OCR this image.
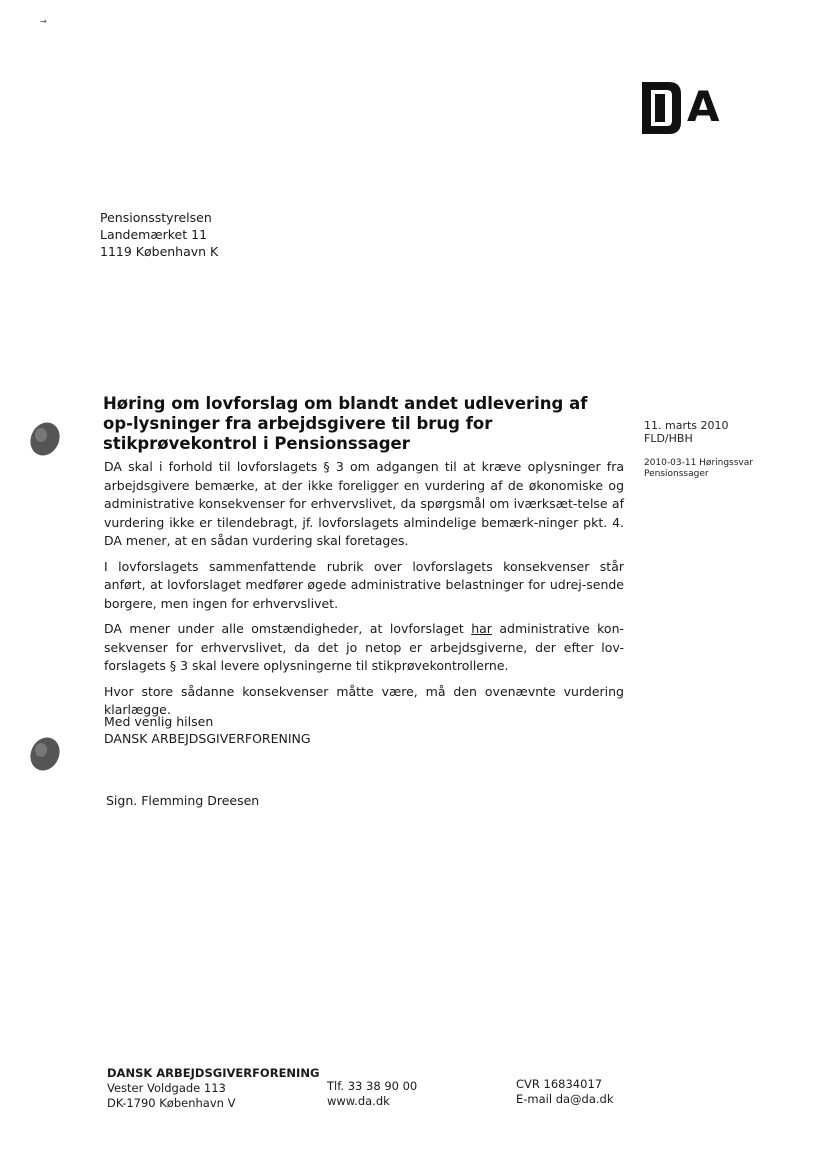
→
A
Pensionsstyrelsen
Landemærket 11
1119 København K
Høring om lovforslag om blandt andet udlevering af op-lysninger fra arbejdsgivere til brug for stikprøvekontrol i Pensionssager
11. marts 2010
FLD/HBH
2010-03-11 Høringssvar
Pensionssager

DA skal i forhold til lovforslagets § 3 om adgangen til at kræve oplysninger fra arbejdsgivere bemærke, at der ikke foreligger en vurdering af de økonomiske og administrative konsekvenser for erhvervslivet, da spørgsmål om iværksæt-telse af vurdering ikke er tilendebragt, jf. lovforslagets almindelige bemærk-ninger pkt. 4. DA mener, at en sådan vurdering skal foretages.

I lovforslagets sammenfattende rubrik over lovforslagets konsekvenser står anført, at lovforslaget medfører øgede administrative belastninger for udrej-sende borgere, men ingen for erhvervslivet.

DA mener under alle omstændigheder, at lovforslaget har administrative kon-sekvenser for erhvervslivet, da det jo netop er arbejdsgiverne, der efter lov-forslagets § 3 skal levere oplysningerne til stikprøvekontrollerne.

Hvor store sådanne konsekvenser måtte være, må den ovenævnte vurdering klarlægge.

Med venlig hilsen
DANSK ARBEJDSGIVERFORENING
Sign. Flemming Dreesen
DANSK ARBEJDSGIVERFORENING
Vester Voldgade 113
DK-1790 København V
Tlf. 33 38 90 00
www.da.dk
CVR 16834017
E-mail da@da.dk
